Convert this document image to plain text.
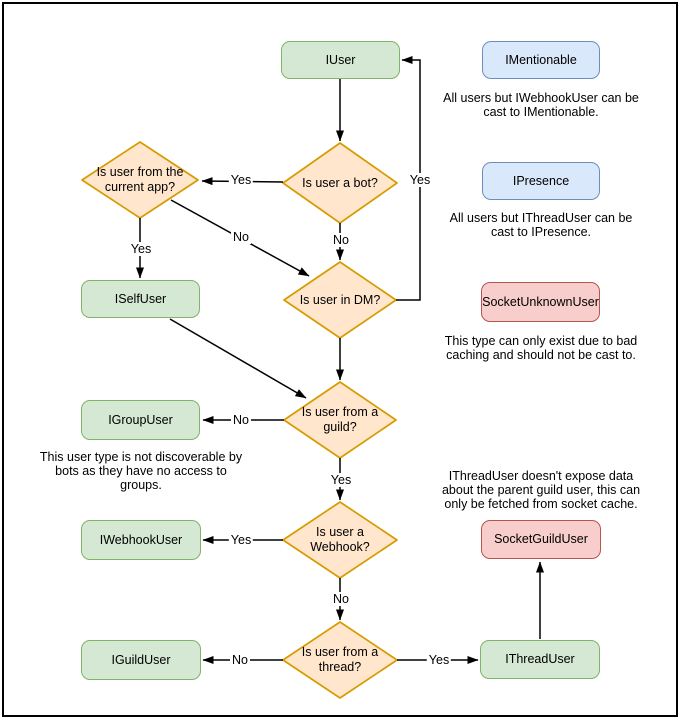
IUser	IMentionable
IPresence
SocketUnknownUser
ISelfUser
IGroupUser
IWebhookUser
IGuildUser	IThreadUser
SocketGuildUser
Is user a bot?
Is user from the current app?
Is user in DM?
Is user from a guild?
Is user a Webhook?
Is user from a thread?
Yes
Yes
No	No
Yes
No
Yes
Yes
No
No	Yes
All users but IWebhookUser can be
cast to IMentionable.
All users but IThreadUser can be
cast to IPresence.
This type can only exist due to bad
caching and should not be cast to.
This user type is not discoverable by
bots as they have no access to
groups.
IThreadUser doesn't expose data
about the parent guild user, this can
only be fetched from socket cache.
